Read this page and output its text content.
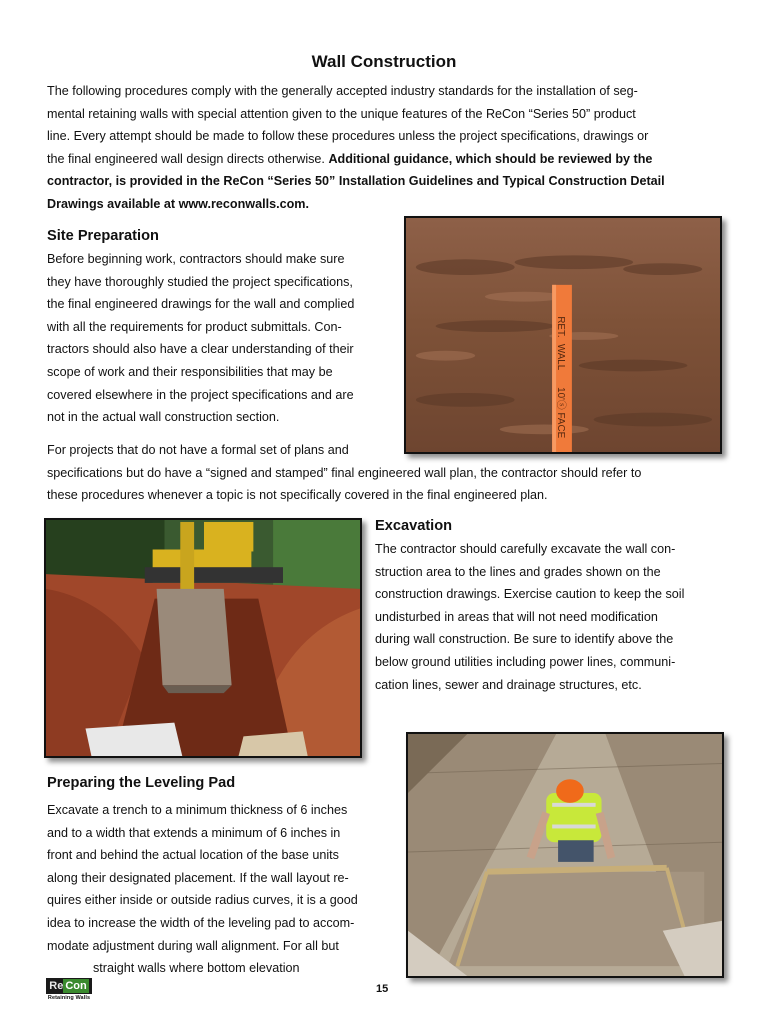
Wall Construction
The following procedures comply with the generally accepted industry standards for the installation of seg-
mental retaining walls with special attention given to the unique features of the ReCon “Series 50” product
line. Every attempt should be made to follow these procedures unless the project specifications, drawings or
the final engineered wall design directs otherwise. Additional guidance, which should be reviewed by the
contractor, is provided in the ReCon “Series 50” Installation Guidelines and Typical Construction Detail
Drawings available at www.reconwalls.com.
Site Preparation
Before beginning work, contractors should make sure
they have thoroughly studied the project specifications,
the final engineered drawings for the wall and complied
with all the requirements for product submittals. Con-
tractors should also have a clear understanding of their
scope of work and their responsibilities that may be
covered elsewhere in the project specifications and are
not in the actual wall construction section.
For projects that do not have a formal set of plans and
specifications but do have a “signed and stamped” final engineered wall plan, the contractor should refer to
these procedures whenever a topic is not specifically covered in the final engineered plan.
RET.
WALL
10'ⓢ FACE
Excavation
The contractor should carefully excavate the wall con-
struction area to the lines and grades shown on the
construction drawings. Exercise caution to keep the soil
undisturbed in areas that will not need modification
during wall construction. Be sure to identify above the
below ground utilities including power lines, communi-
cation lines, sewer and drainage structures, etc.
Preparing the Leveling Pad
Excavate a trench to a minimum thickness of 6 inches
and to a width that extends a minimum of 6 inches in
front and behind the actual location of the base units
along their designated placement. If the wall layout re-
quires either inside or outside radius curves, it is a good
idea to increase the width of the leveling pad to accom-
modate adjustment during wall alignment. For all but
straight walls where bottom elevation
Re Con
Retaining Walls
15
